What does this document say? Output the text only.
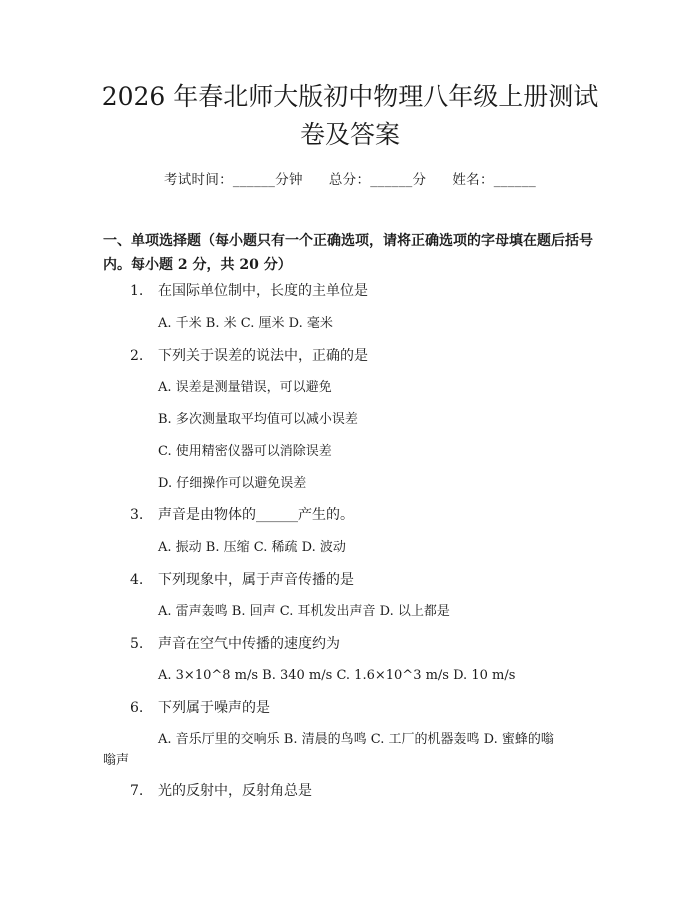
2026 年春北师大版初中物理八年级上册测试
卷及答案
考试时间：______分钟 总分：______分 姓名：______
一、单项选择题（每小题只有一个正确选项，请将正确选项的字母填在题后括号
内。每小题 2 分，共 20 分）
1. 在国际单位制中，长度的主单位是
A. 千米 B. 米 C. 厘米 D. 毫米
2. 下列关于误差的说法中，正确的是
A. 误差是测量错误，可以避免
B. 多次测量取平均值可以减小误差
C. 使用精密仪器可以消除误差
D. 仔细操作可以避免误差
3. 声音是由物体的______产生的。
A. 振动 B. 压缩 C. 稀疏 D. 波动
4. 下列现象中，属于声音传播的是
A. 雷声轰鸣 B. 回声 C. 耳机发出声音 D. 以上都是
5. 声音在空气中传播的速度约为
A. 3×10^8 m/s B. 340 m/s C. 1.6×10^3 m/s D. 10 m/s
6. 下列属于噪声的是
A. 音乐厅里的交响乐 B. 清晨的鸟鸣 C. 工厂的机器轰鸣 D. 蜜蜂的嗡
嗡声
7. 光的反射中，反射角总是
